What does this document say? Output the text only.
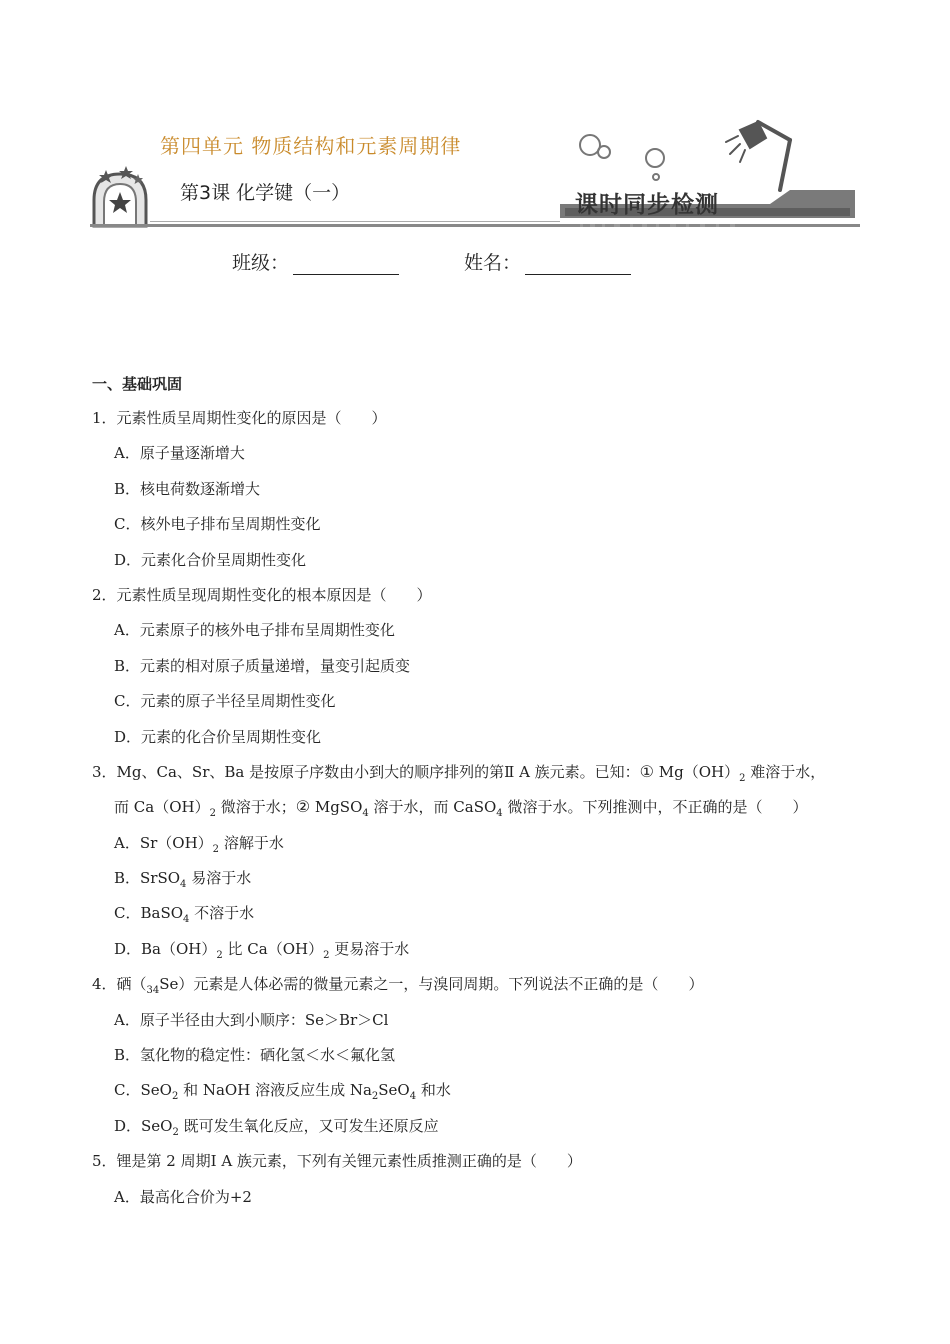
第四单元 物质结构和元素周期律
第3课 化学键（一）	课时同步检测
班级：	姓名：
一、基础巩固
1．元素性质呈周期性变化的原因是（　　）
A．原子量逐渐增大
B．核电荷数逐渐增大
C．核外电子排布呈周期性变化
D．元素化合价呈周期性变化
2．元素性质呈现周期性变化的根本原因是（　　）
A．元素原子的核外电子排布呈周期性变化
B．元素的相对原子质量递增，量变引起质变
C．元素的原子半径呈周期性变化
D．元素的化合价呈周期性变化
3．Mg、Ca、Sr、Ba 是按原子序数由小到大的顺序排列的第Ⅱ A 族元素。已知：① $Mg(OH)_2$ 难溶于水，
而 $Ca(OH)_2$ 微溶于水；② MgSO$_4$ 溶于水，而 CaSO$_4$ 微溶于水。下列推测中，不正确的是（　　）
A．$Sr(OH)_2$ 溶解于水
B．SrSO$_4$ 易溶于水
C．BaSO$_4$ 不溶于水
D．$Ba(OH)_2$ 比 $Ca(OH)_2$ 更易溶于水
4．硒$(_{34}Se)$元素是人体必需的微量元素之一，与溴同周期。下列说法不正确的是（　　）
A．原子半径由大到小顺序：Se＞Br＞Cl
B．氢化物的稳定性：硒化氢＜水＜氟化氢
C．SeO$_2$ 和 NaOH 溶液反应生成 $Na_2SeO_4$ 和水
D．SeO$_2$ 既可发生氧化反应，又可发生还原反应
5．锂是第 2 周期Ⅰ A 族元素，下列有关锂元素性质推测正确的是（　　）
A．最高化合价为+2
